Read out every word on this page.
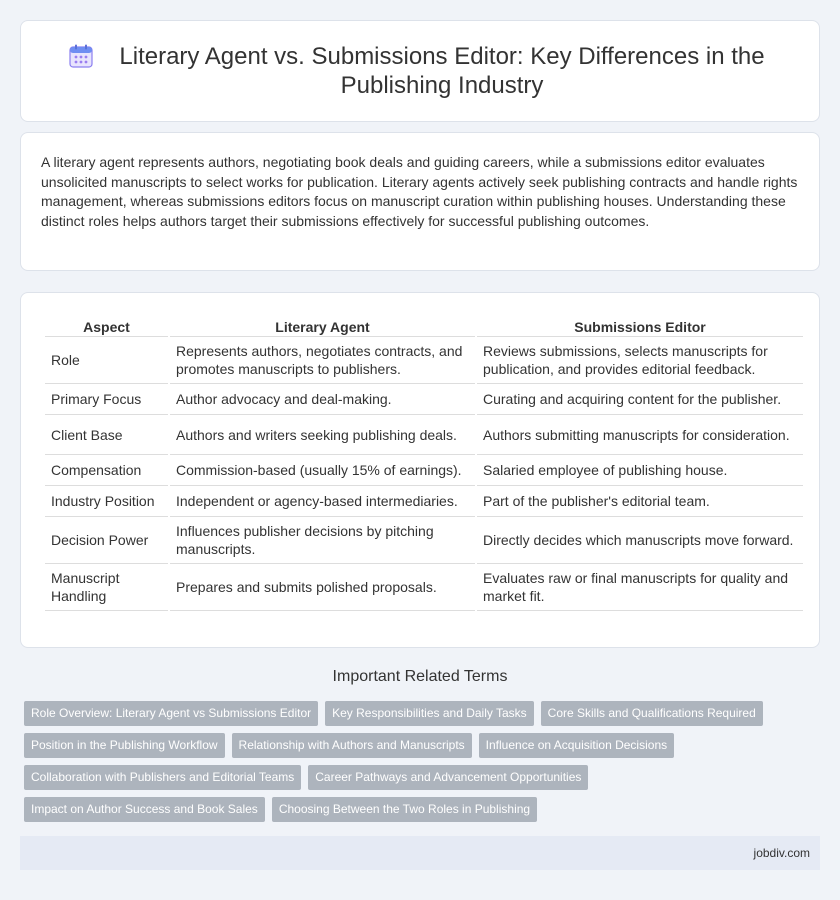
Literary Agent vs. Submissions Editor: Key Differences in the Publishing Industry

A literary agent represents authors, negotiating book deals and guiding careers, while a submissions editor evaluates unsolicited manuscripts to select works for publication. Literary agents actively seek publishing contracts and handle rights management, whereas submissions editors focus on manuscript curation within publishing houses. Understanding these distinct roles helps authors target their submissions effectively for successful publishing outcomes.

Aspect	Literary Agent	Submissions Editor
Role	Represents authors, negotiates contracts, and promotes manuscripts to publishers.	Reviews submissions, selects manuscripts for publication, and provides editorial feedback.
Primary Focus	Author advocacy and deal-making.	Curating and acquiring content for the publisher.
Client Base	Authors and writers seeking publishing deals.	Authors submitting manuscripts for consideration.
Compensation	Commission-based (usually 15% of earnings).	Salaried employee of publishing house.
Industry Position	Independent or agency-based intermediaries.	Part of the publisher's editorial team.
Decision Power	Influences publisher decisions by pitching manuscripts.	Directly decides which manuscripts move forward.
Manuscript Handling	Prepares and submits polished proposals.	Evaluates raw or final manuscripts for quality and market fit.
Important Related Terms
Role Overview: Literary Agent vs Submissions Editor	Key Responsibilities and Daily Tasks	Core Skills and Qualifications Required
Position in the Publishing Workflow	Relationship with Authors and Manuscripts	Influence on Acquisition Decisions
Collaboration with Publishers and Editorial Teams	Career Pathways and Advancement Opportunities
Impact on Author Success and Book Sales	Choosing Between the Two Roles in Publishing
jobdiv.com
